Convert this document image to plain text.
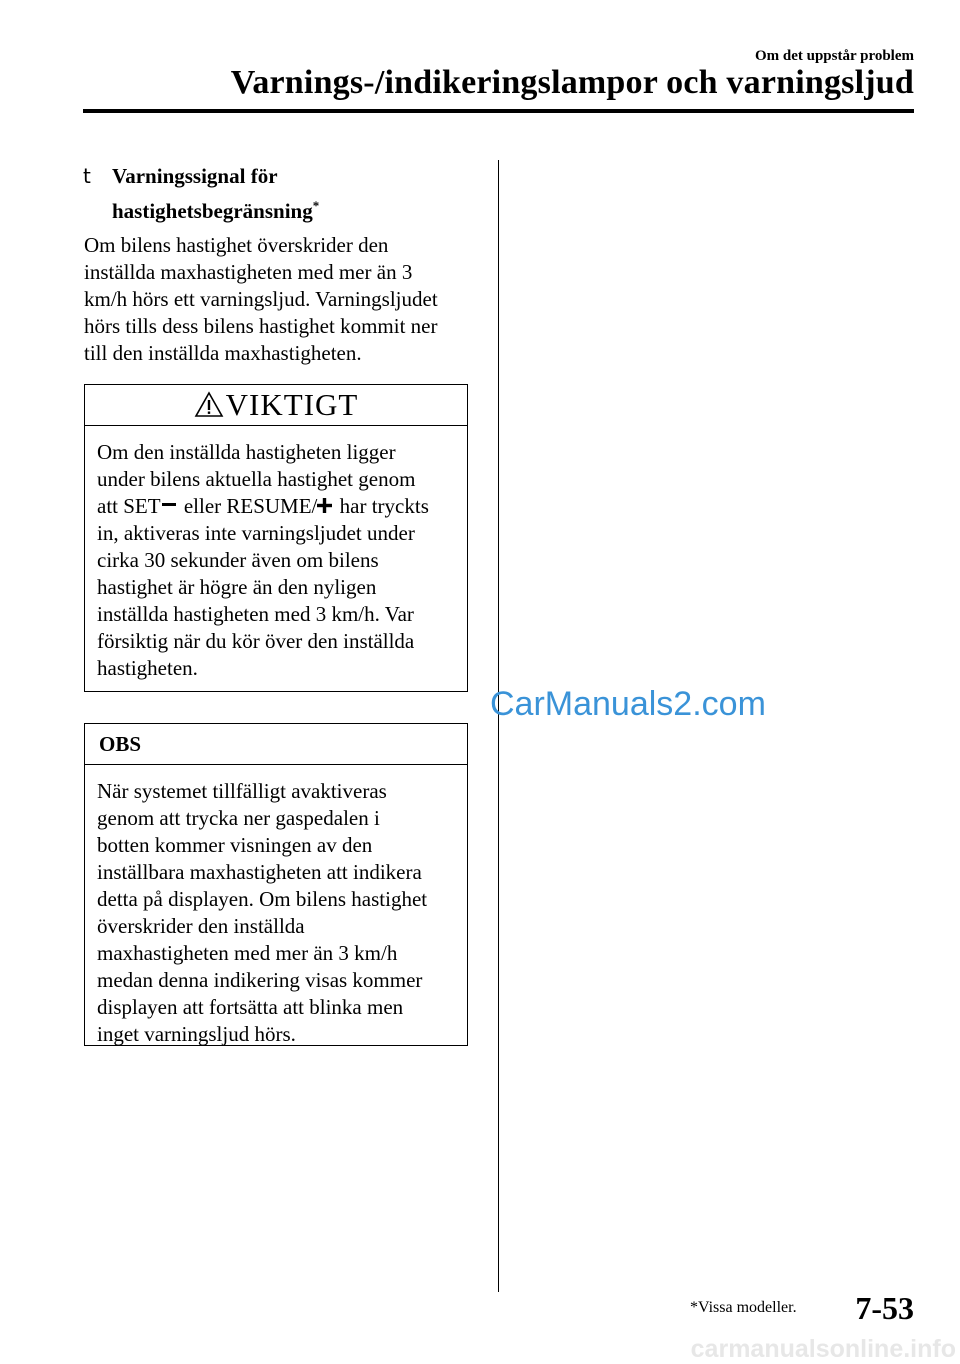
Om det uppstår problem
Varnings-/indikeringslampor och varningsljud
t Varningssignal för
hastighetsbegränsning*
Om bilens hastighet överskrider den
inställda maxhastigheten med mer än 3
km/h hörs ett varningsljud. Varningsljudet
hörs tills dess bilens hastighet kommit ner
till den inställda maxhastigheten.
VIKTIGT
Om den inställda hastigheten ligger
under bilens aktuella hastighet genom
att SET eller RESUME/ har tryckts
in, aktiveras inte varningsljudet under
cirka 30 sekunder även om bilens
hastighet är högre än den nyligen
inställda hastigheten med 3 km/h. Var
försiktig när du kör över den inställda
hastigheten.
OBS
När systemet tillfälligt avaktiveras
genom att trycka ner gaspedalen i
botten kommer visningen av den
inställbara maxhastigheten att indikera
detta på displayen. Om bilens hastighet
överskrider den inställda
maxhastigheten med mer än 3 km/h
medan denna indikering visas kommer
displayen att fortsätta att blinka men
inget varningsljud hörs.
CarManuals2.com
*Vissa modeller. 7-53
carmanualsonline.info
